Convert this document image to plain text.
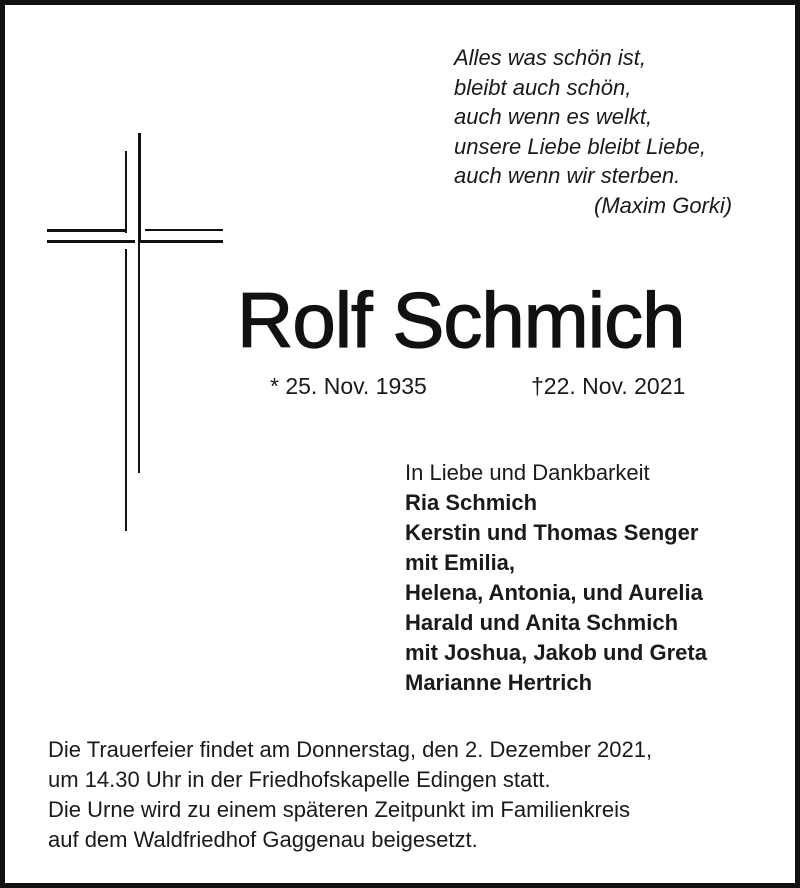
Alles was schön ist,
bleibt auch schön,
auch wenn es welkt,
unsere Liebe bleibt Liebe,
auch wenn wir sterben.
(Maxim Gorki)
Rolf Schmich
* 25. Nov. 1935	†22. Nov. 2021
In Liebe und Dankbarkeit
Ria Schmich
Kerstin und Thomas Senger
mit Emilia,
Helena, Antonia, und Aurelia
Harald und Anita Schmich
mit Joshua, Jakob und Greta
Marianne Hertrich
Die Trauerfeier findet am Donnerstag, den 2. Dezember 2021,
um 14.30 Uhr in der Friedhofskapelle Edingen statt.
Die Urne wird zu einem späteren Zeitpunkt im Familienkreis
auf dem Waldfriedhof Gaggenau beigesetzt.
